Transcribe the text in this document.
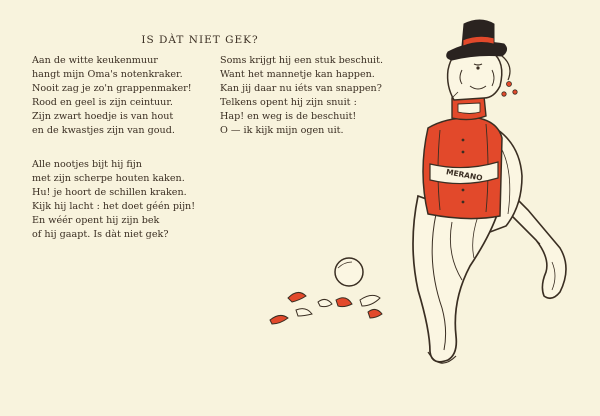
IS DÀT NIET GEK?
Aan de witte keukenmuur
hangt mijn Oma's notenkraker.
Nooit zag je zo'n grappenmaker!
Rood en geel is zijn ceintuur.
Zijn zwart hoedje is van hout
en de kwastjes zijn van goud.
Alle nootjes bijt hij fijn
met zijn scherpe houten kaken.
Hu! je hoort de schillen kraken.
Kijk hij lacht : het doet géén pijn!
En wéér opent hij zijn bek
of hij gaapt. Is dàt niet gek?
Soms krijgt hij een stuk beschuit.
Want het mannetje kan happen.
Kan jij daar nu iéts van snappen?
Telkens opent hij zijn snuit :
Hap! en weg is de beschuit!
O — ik kijk mijn ogen uit.
MERANO
